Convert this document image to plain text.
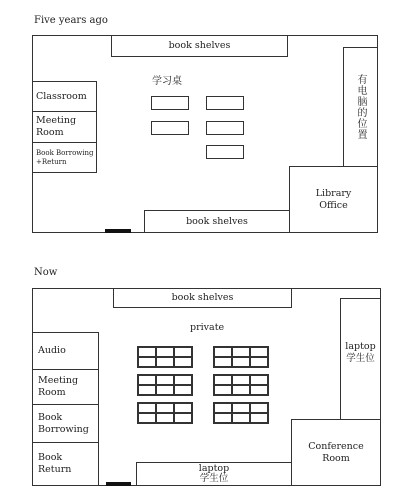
Five years ago
book shelves
学习桌
Classroom
Meeting Room
Book Borrowing +Return
有电脑的位置
Library Office
book shelves
Now
book shelves
private
Audio
Meeting Room
Book Borrowing
Book Return
laptop 学生位
Conference Room
laptop 学生位
